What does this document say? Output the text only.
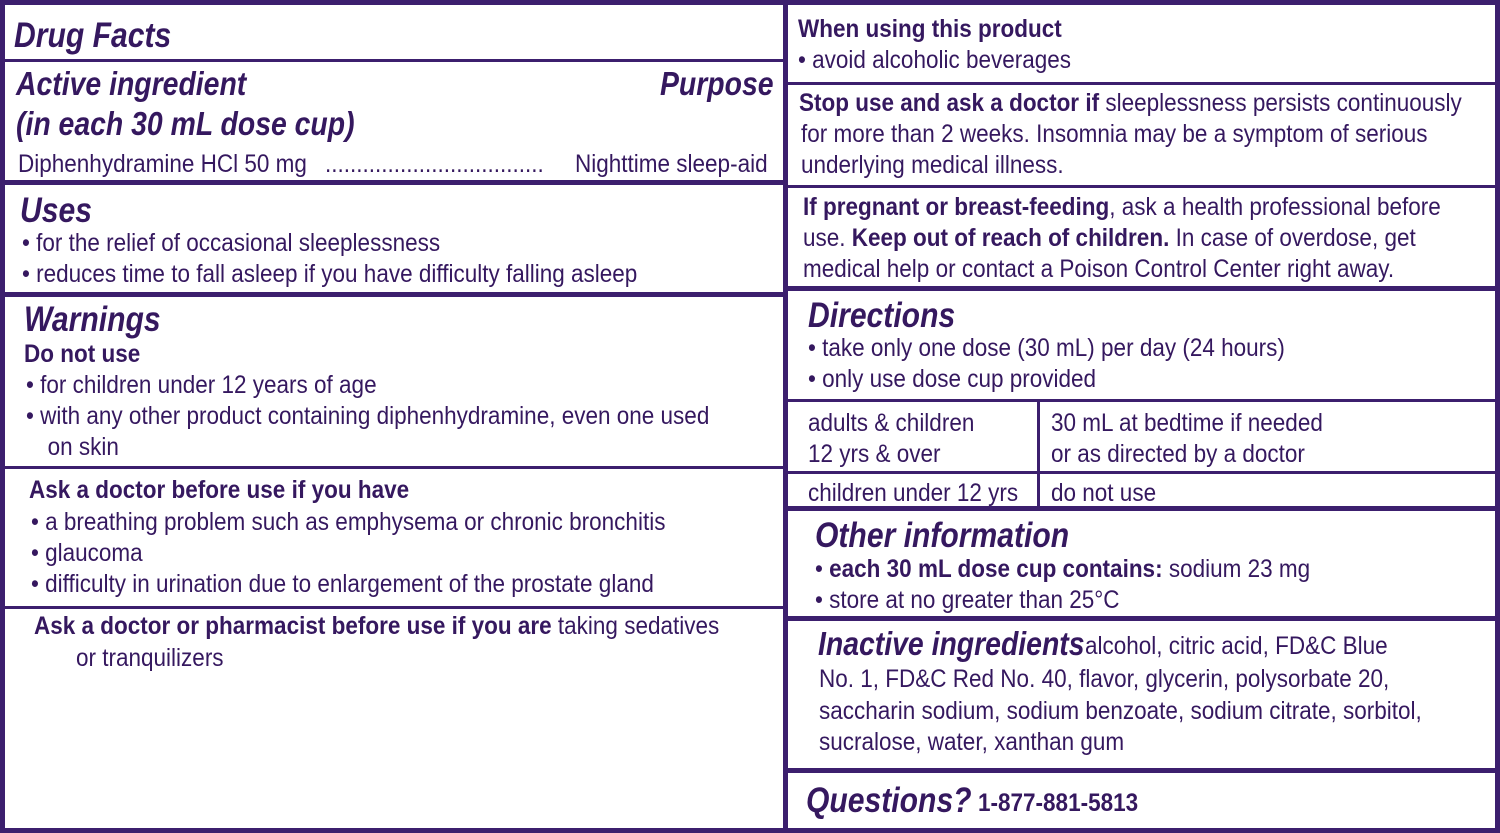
Drug Facts
Active ingredient	Purpose
(in each 30 mL dose cup)
Diphenhydramine HCl 50 mg ................................... Nighttime sleep-aid
Uses
• for the relief of occasional sleeplessness
• reduces time to fall asleep if you have difficulty falling asleep
Warnings
Do not use
• for children under 12 years of age
• with any other product containing diphenhydramine, even one used
on skin
Ask a doctor before use if you have
• a breathing problem such as emphysema or chronic bronchitis
• glaucoma
• difficulty in urination due to enlargement of the prostate gland
Ask a doctor or pharmacist before use if you are taking sedatives
or tranquilizers
When using this product
• avoid alcoholic beverages
Stop use and ask a doctor if sleeplessness persists continuously
for more than 2 weeks. Insomnia may be a symptom of serious
underlying medical illness.
If pregnant or breast-feeding, ask a health professional before
use. Keep out of reach of children. In case of overdose, get
medical help or contact a Poison Control Center right away.
Directions
• take only one dose (30 mL) per day (24 hours)
• only use dose cup provided
adults & children
12 yrs & over
30 mL at bedtime if needed
or as directed by a doctor
children under 12 yrs do not use
Other information
• each 30 mL dose cup contains: sodium 23 mg
• store at no greater than 25°C
Inactive ingredients alcohol, citric acid, FD&C Blue
No. 1, FD&C Red No. 40, flavor, glycerin, polysorbate 20,
saccharin sodium, sodium benzoate, sodium citrate, sorbitol,
sucralose, water, xanthan gum
Questions? 1-877-881-5813
